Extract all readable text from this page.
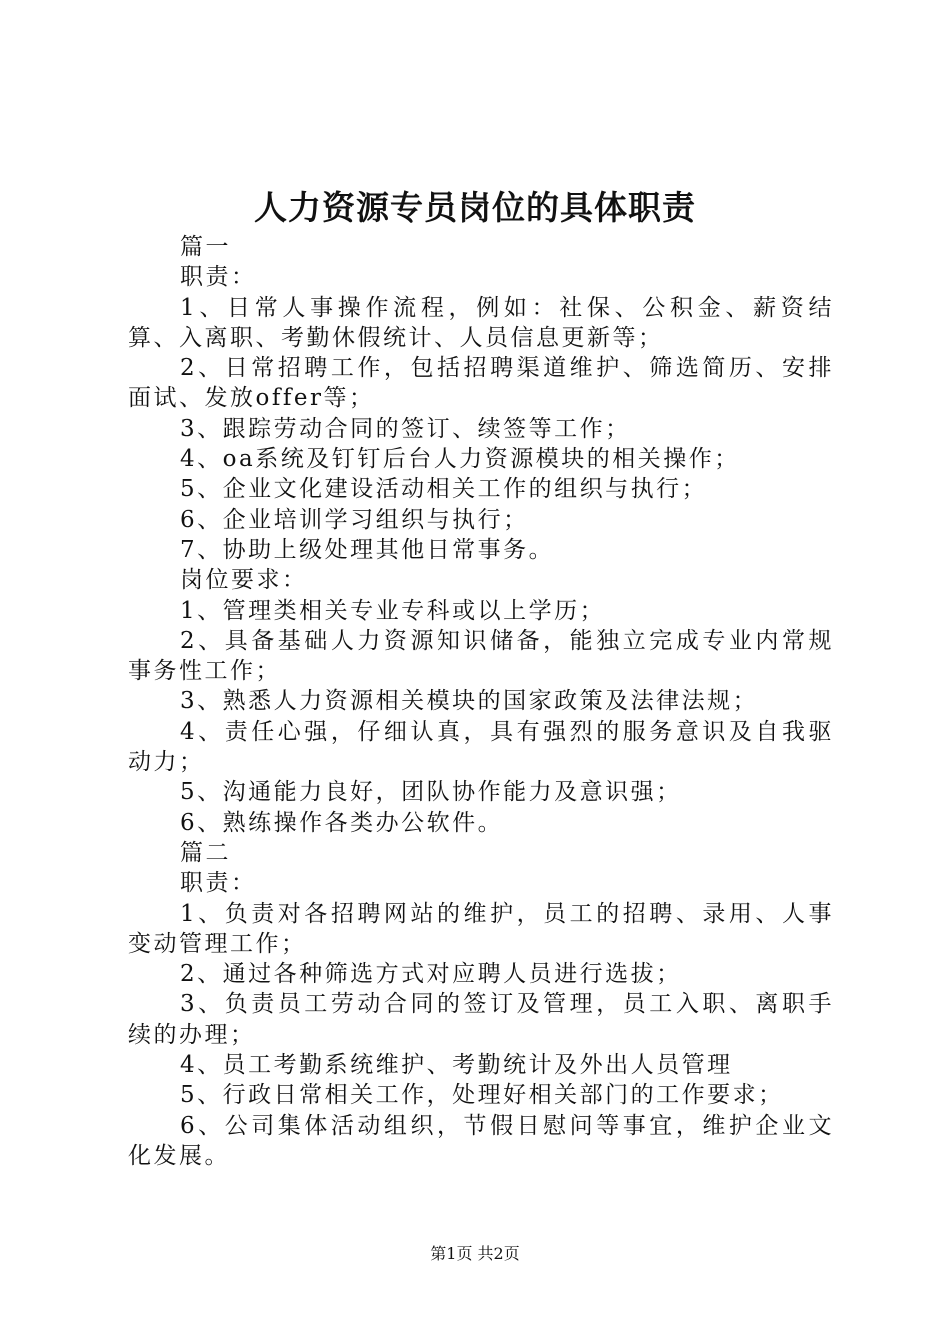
人力资源专员岗位的具体职责

篇一

职责：

1、日常人事操作流程，例如：社保、公积金、薪资结算、入离职、考勤休假统计、人员信息更新等；

2、日常招聘工作，包括招聘渠道维护、筛选简历、安排面试、发放offer等；

3、跟踪劳动合同的签订、续签等工作；

4、oa系统及钉钉后台人力资源模块的相关操作；

5、企业文化建设活动相关工作的组织与执行；

6、企业培训学习组织与执行；

7、协助上级处理其他日常事务。

岗位要求：

1、管理类相关专业专科或以上学历；

2、具备基础人力资源知识储备，能独立完成专业内常规事务性工作；

3、熟悉人力资源相关模块的国家政策及法律法规；

4、责任心强，仔细认真，具有强烈的服务意识及自我驱动力；

5、沟通能力良好，团队协作能力及意识强；

6、熟练操作各类办公软件。

篇二

职责：

1、负责对各招聘网站的维护，员工的招聘、录用、人事变动管理工作；

2、通过各种筛选方式对应聘人员进行选拔；

3、负责员工劳动合同的签订及管理，员工入职、离职手续的办理；

4、员工考勤系统维护、考勤统计及外出人员管理

5、行政日常相关工作，处理好相关部门的工作要求；

6、公司集体活动组织，节假日慰问等事宜，维护企业文化发展。

第1页 共2页
